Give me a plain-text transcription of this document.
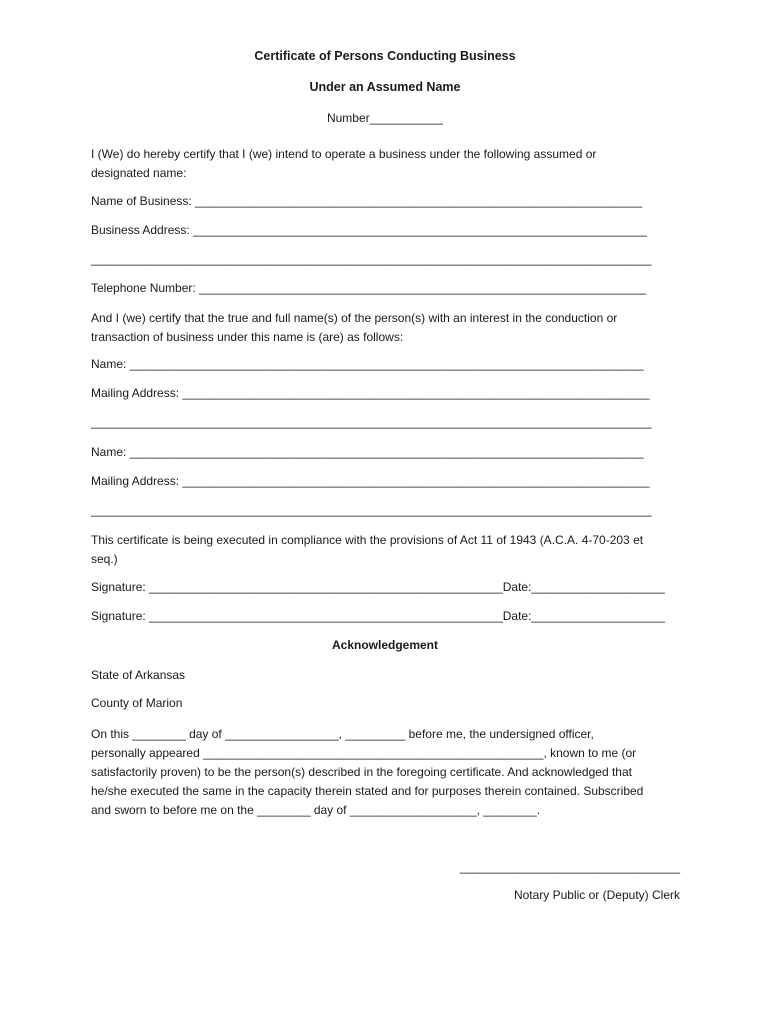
Certificate of Persons Conducting Business
Under an Assumed Name
Number___________
I (We) do hereby certify that I (we) intend to operate a business under the following assumed or
designated name:
Name of Business: ___________________________________________________________________
Business Address: ____________________________________________________________________
____________________________________________________________________________________
Telephone Number: ___________________________________________________________________
And I (we) certify that the true and full name(s) of the person(s) with an interest in the conduction or
transaction of business under this name is (are) as follows:
Name: _____________________________________________________________________________
Mailing Address: ______________________________________________________________________
____________________________________________________________________________________
Name: _____________________________________________________________________________
Mailing Address: ______________________________________________________________________
____________________________________________________________________________________
This certificate is being executed in compliance with the provisions of Act 11 of 1943 (A.C.A. 4-70-203 et
seq.)
Signature: _____________________________________________________Date:____________________
Signature: _____________________________________________________Date:____________________
Acknowledgement
State of Arkansas
County of Marion
On this ________ day of _________________, _________ before me, the undersigned officer,
personally appeared ___________________________________________________, known to me (or
satisfactorily proven) to be the person(s) described in the foregoing certificate. And acknowledged that
he/she executed the same in the capacity therein stated and for purposes therein contained. Subscribed
and sworn to before me on the ________ day of ___________________, ________.
_________________________________
Notary Public or (Deputy) Clerk
